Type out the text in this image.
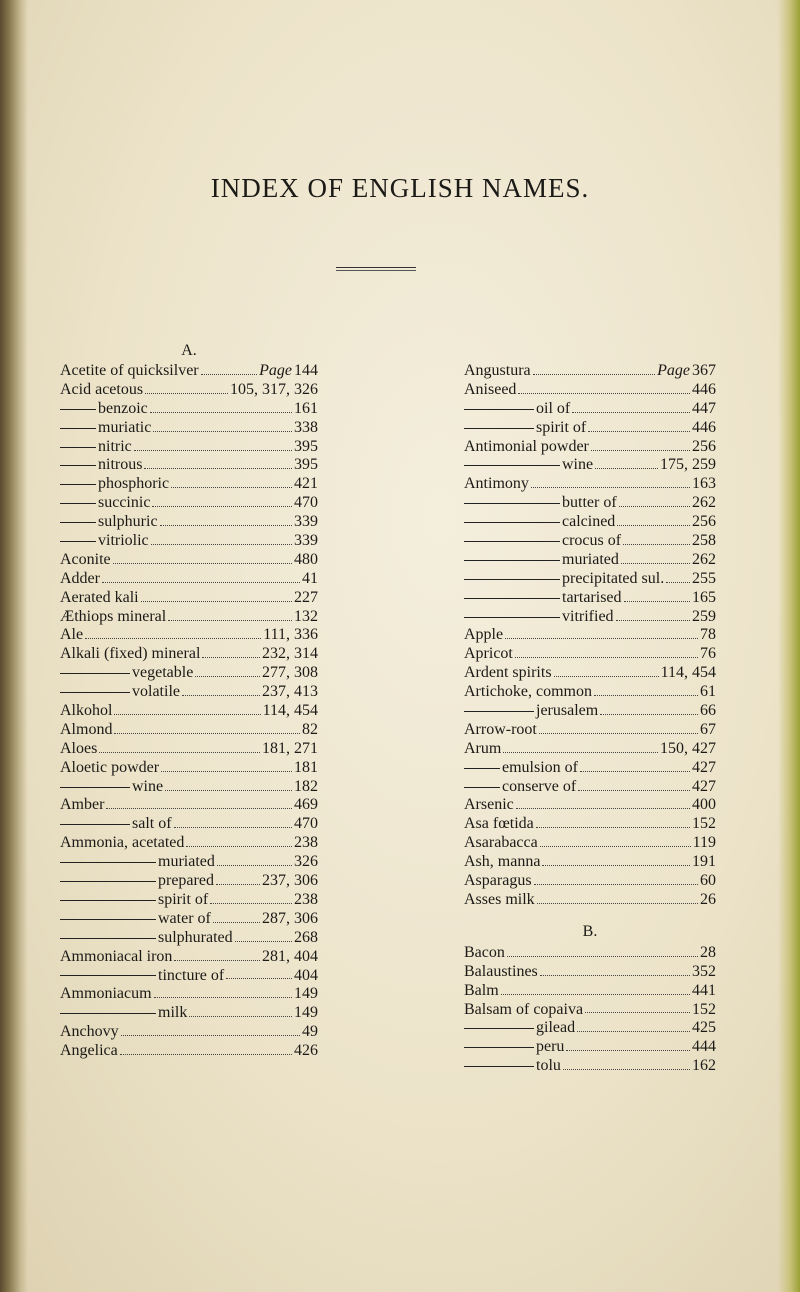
INDEX OF ENGLISH NAMES.
A.
Acetite of quicksilver	Page 144
Acid acetous	105, 317, 326
benzoic	161
muriatic	338
nitric	395
nitrous	395
phosphoric	421
succinic	470
sulphuric	339
vitriolic	339
Aconite	480
Adder	41
Aerated kali	227
Æthiops mineral	132
Ale	111, 336
Alkali (fixed) mineral	232, 314
vegetable	277, 308
volatile	237, 413
Alkohol	114, 454
Almond	82
Aloes	181, 271
Aloetic powder	181
wine	182
Amber	469
salt of	470
Ammonia, acetated	238
muriated	326
prepared	237, 306
spirit of	238
water of	287, 306
sulphurated	268
Ammoniacal iron	281, 404
tincture of	404
Ammoniacum	149
milk	149
Anchovy	49
Angelica	426
Angustura	Page 367
Aniseed	446
oil of	447
spirit of	446
Antimonial powder	256
wine	175, 259
Antimony	163
butter of	262
calcined	256
crocus of	258
muriated	262
precipitated sul. 255
tartarised	165
vitrified	259
Apple	78
Apricot	76
Ardent spirits	114, 454
Artichoke, common	61
jerusalem	66
Arrow-root	67
Arum	150, 427
emulsion of	427
conserve of	427
Arsenic	400
Asa fœtida	152
Asarabacca	119
Ash, manna	191
Asparagus	60
Asses milk	26
B.
Bacon	28
Balaustines	352
Balm	441
Balsam of copaiva	152
gilead	425
peru	444
tolu	162
